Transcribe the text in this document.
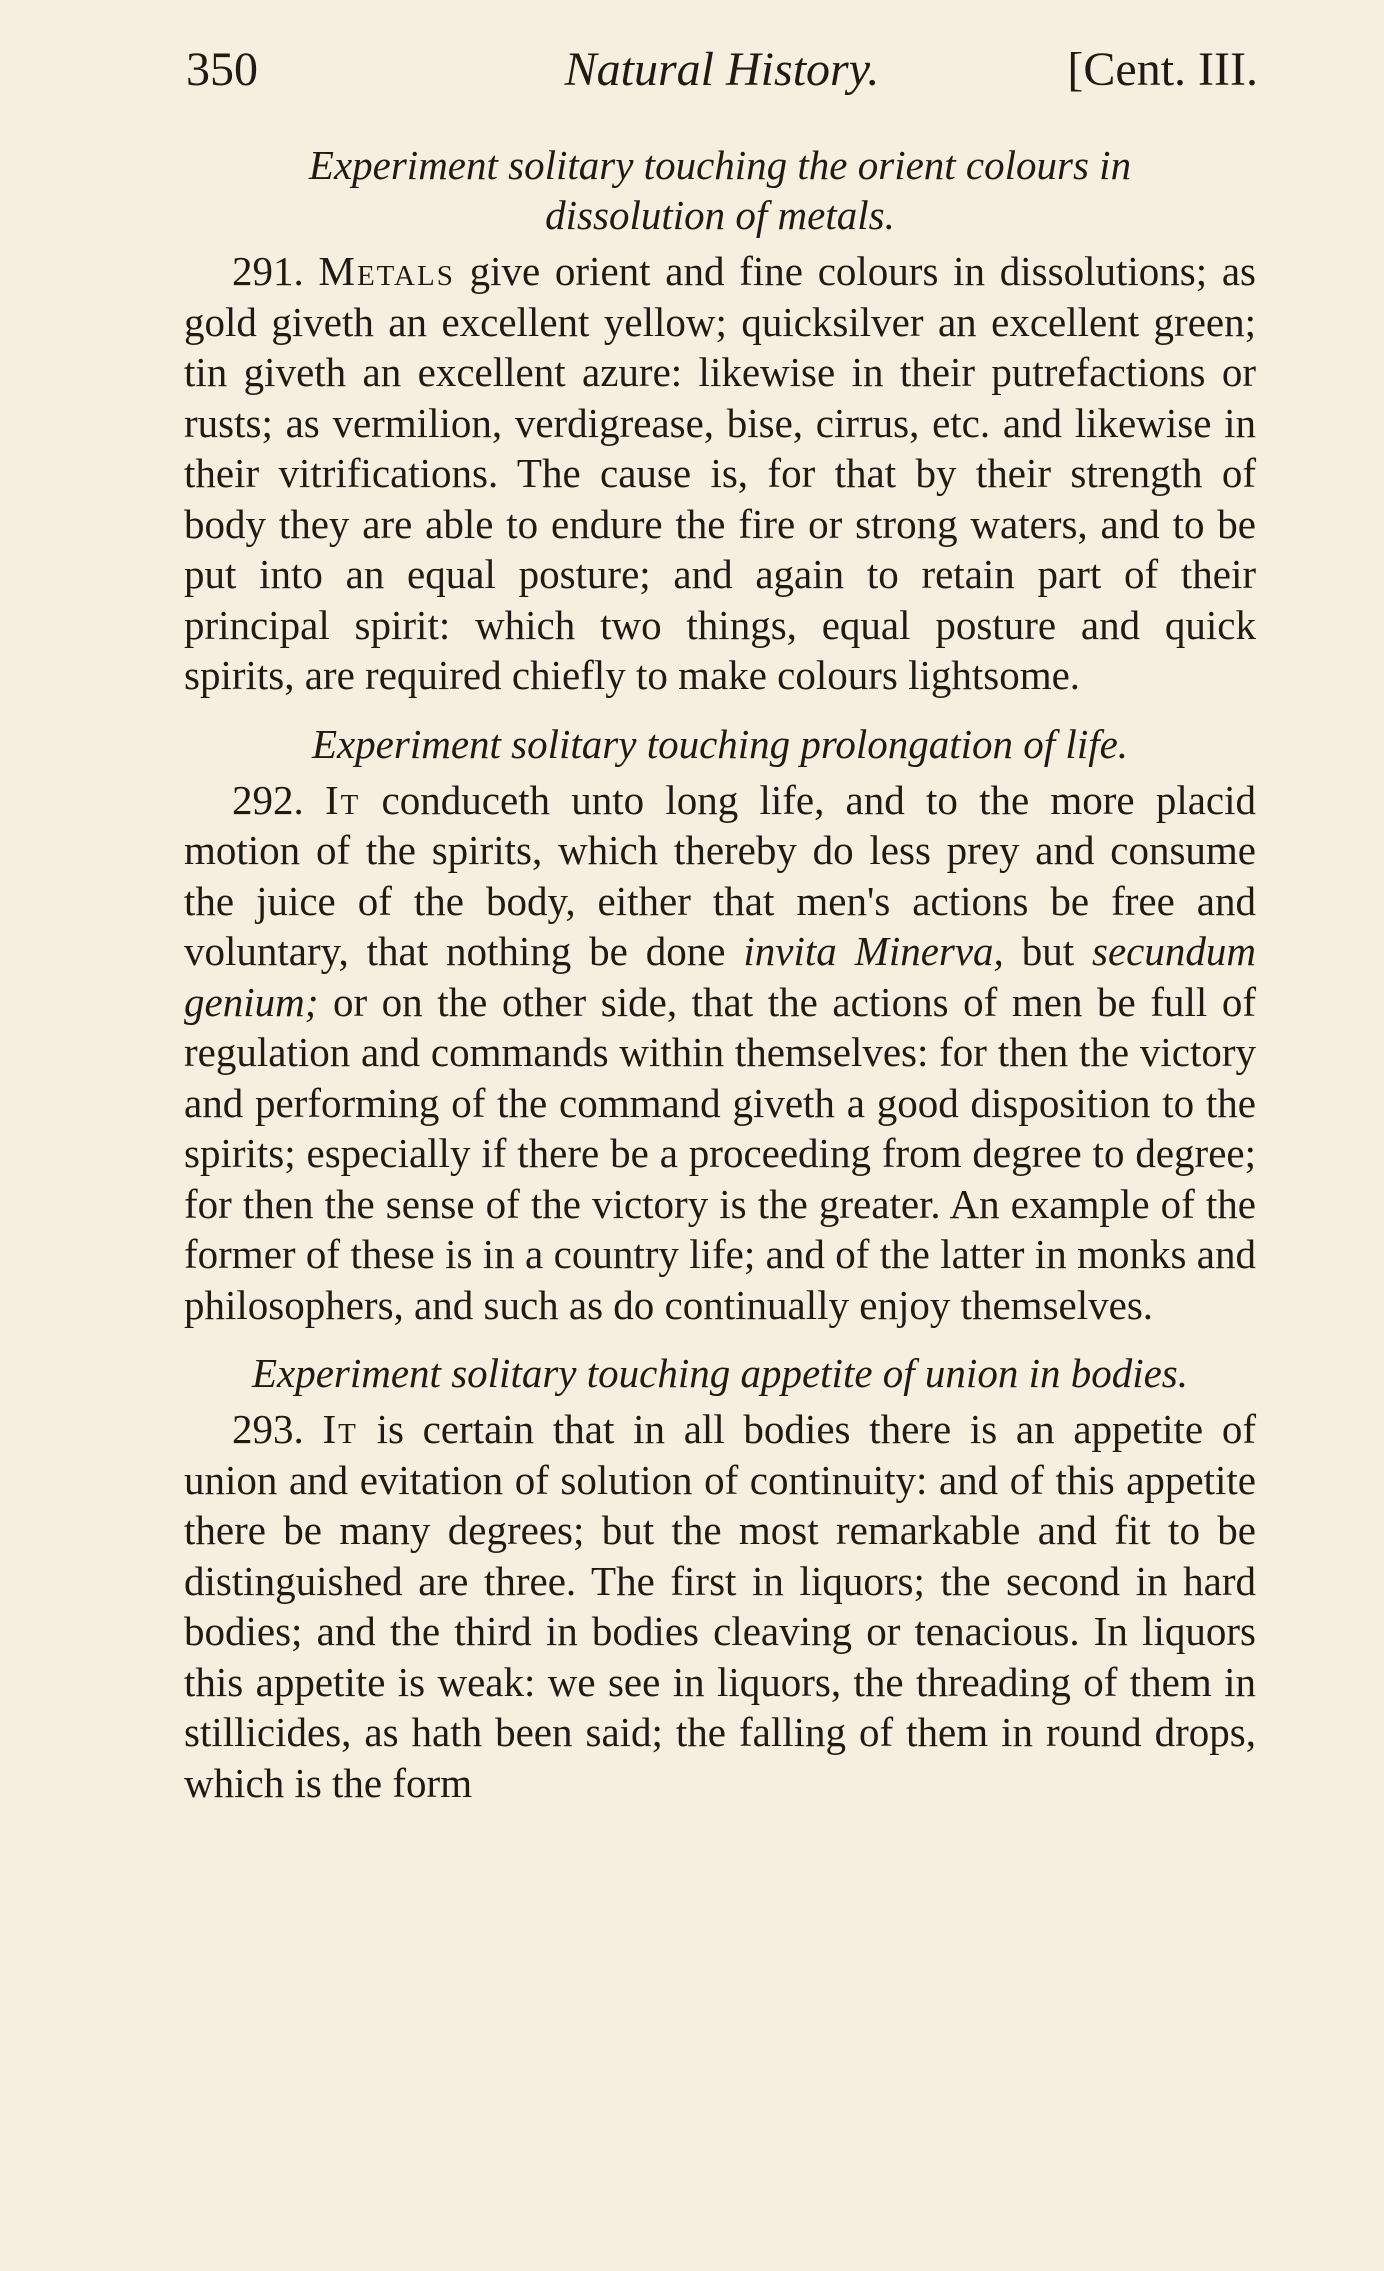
350	Natural History.	[Cent. III.

Experiment solitary touching the orient colours in dissolution of metals.

291. Metals give orient and fine colours in dissolutions; as gold giveth an excellent yellow; quicksilver an excellent green; tin giveth an excellent azure: likewise in their putrefactions or rusts; as vermilion, verdigrease, bise, cirrus, etc. and likewise in their vitrifications. The cause is, for that by their strength of body they are able to endure the fire or strong waters, and to be put into an equal posture; and again to retain part of their principal spirit: which two things, equal posture and quick spirits, are required chiefly to make colours lightsome.

Experiment solitary touching prolongation of life.

292. It conduceth unto long life, and to the more placid motion of the spirits, which thereby do less prey and consume the juice of the body, either that men's actions be free and voluntary, that nothing be done invita Minerva, but secundum genium; or on the other side, that the actions of men be full of regulation and commands within themselves: for then the victory and performing of the command giveth a good disposition to the spirits; especially if there be a proceeding from degree to degree; for then the sense of the victory is the greater. An example of the former of these is in a country life; and of the latter in monks and philosophers, and such as do continually enjoy themselves.

Experiment solitary touching appetite of union in bodies.

293. It is certain that in all bodies there is an appetite of union and evitation of solution of continuity: and of this appetite there be many degrees; but the most remarkable and fit to be distinguished are three. The first in liquors; the second in hard bodies; and the third in bodies cleaving or tenacious. In liquors this appetite is weak: we see in liquors, the threading of them in stillicides, as hath been said; the falling of them in round drops, which is the form
